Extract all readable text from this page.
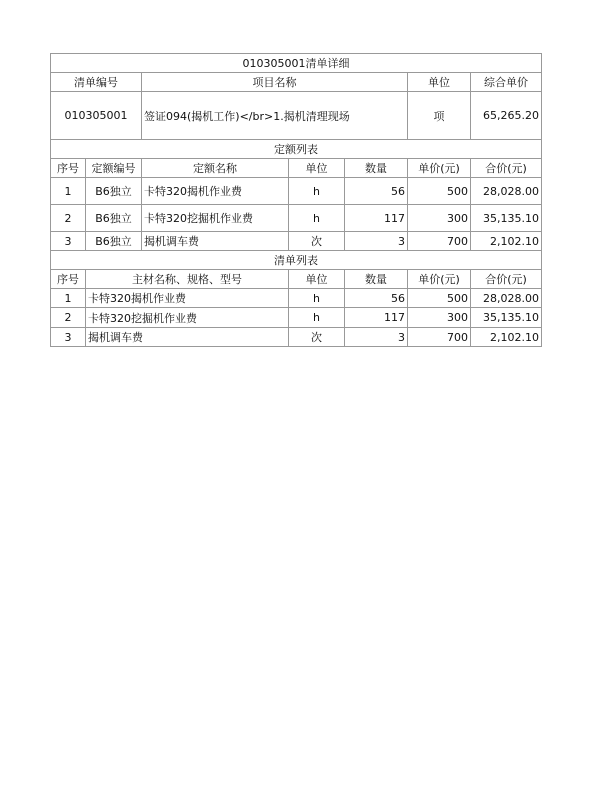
010305001清单详细						
清单编号		项目名称			单位	综合单价
010305001		签证094(揭机工作)</br>1.揭机清理现场			项	65,265.20
定额列表						
序号	定额编号	定额名称	单位	数量	单价(元)	合价(元)
1	B6独立	卡特320揭机作业费	h	56	500	28,028.00
2	B6独立	卡特320挖掘机作业费	h	117	300	35,135.10
3	B6独立	揭机调车费	次	3	700	2,102.10
清单列表						
序号	主材名称、规格、型号		单位	数量	单价(元)	合价(元)
1	卡特320揭机作业费		h	56	500	28,028.00
2	卡特320挖掘机作业费		h	117	300	35,135.10
3	揭机调车费		次	3	700	2,102.10
